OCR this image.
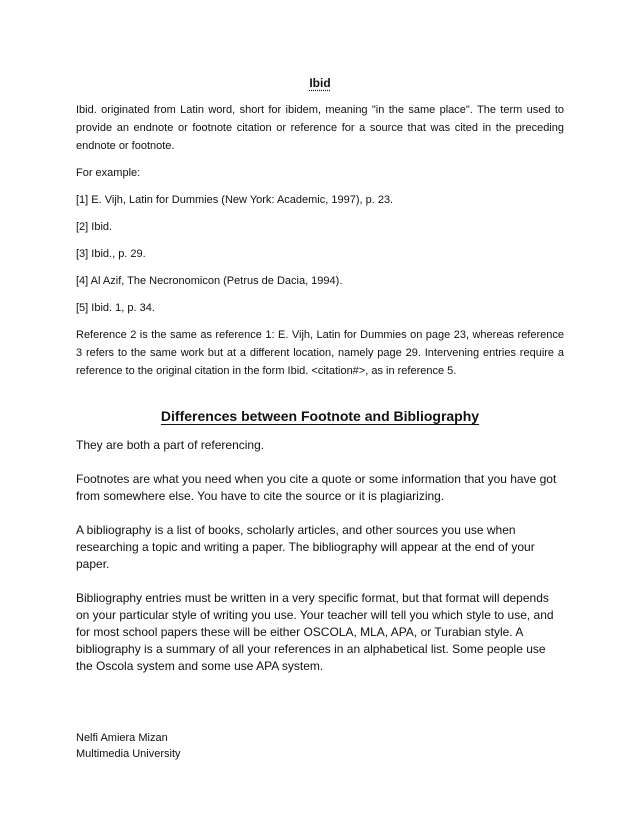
Ibid

Ibid. originated from Latin word, short for ibidem, meaning "in the same place". The term used to provide an endnote or footnote citation or reference for a source that was cited in the preceding endnote or footnote.

For example:

[1] E. Vijh, Latin for Dummies (New York: Academic, 1997), p. 23.

[2] Ibid.

[3] Ibid., p. 29.

[4] Al Azif, The Necronomicon (Petrus de Dacia, 1994).

[5] Ibid. 1, p. 34.

Reference 2 is the same as reference 1: E. Vijh, Latin for Dummies on page 23, whereas reference 3 refers to the same work but at a different location, namely page 29. Intervening entries require a reference to the original citation in the form Ibid. <citation#>, as in reference 5.

Differences between Footnote and Bibliography

They are both a part of referencing.

Footnotes are what you need when you cite a quote or some information that you have got from somewhere else. You have to cite the source or it is plagiarizing.

A bibliography is a list of books, scholarly articles, and other sources you use when researching a topic and writing a paper. The bibliography will appear at the end of your paper.

Bibliography entries must be written in a very specific format, but that format will depends on your particular style of writing you use. Your teacher will tell you which style to use, and for most school papers these will be either OSCOLA, MLA, APA, or Turabian style. A bibliography is a summary of all your references in an alphabetical list. Some people use the Oscola system and some use APA system.

Nelfi Amiera Mizan
Multimedia University
